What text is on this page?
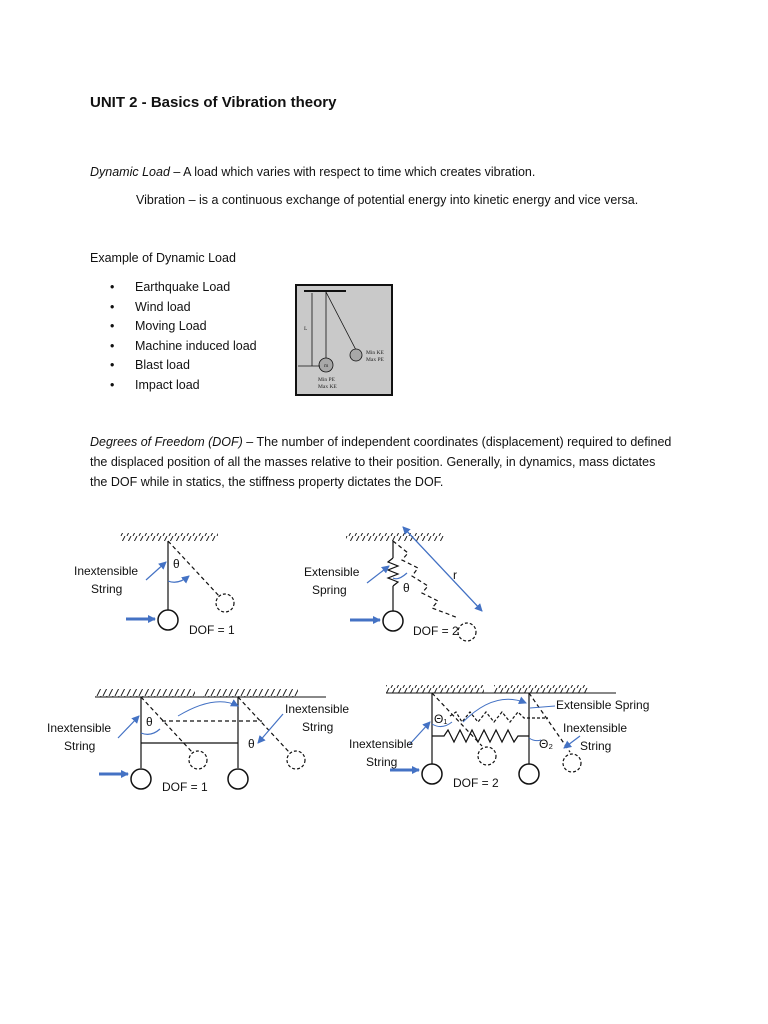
UNIT 2 - Basics of Vibration theory
Dynamic Load – A load which varies with respect to time which creates vibration.
Vibration – is a continuous exchange of potential energy into kinetic energy and vice versa.
Example of Dynamic Load
• Earthquake Load
• Wind load
• Moving Load
• Machine induced load
• Blast load
• Impact load
Degrees of Freedom (DOF) – The number of independent coordinates (displacement) required to defined
the displaced position of all the masses relative to their position. Generally, in dynamics, mass dictates
the DOF while in statics, the stiffness property dictates the DOF.
L
m
Min KE
Max PE
Min PE
Max KE
θ
Inextensible
String
DOF = 1
r
θ
Extensible
Spring
DOF = 2
θ
θ
Inextensible
String
Inextensible
String
DOF = 1
Θ₁
Θ₂
Extensible Spring
Inextensible
String
Inextensible
String
DOF = 2
